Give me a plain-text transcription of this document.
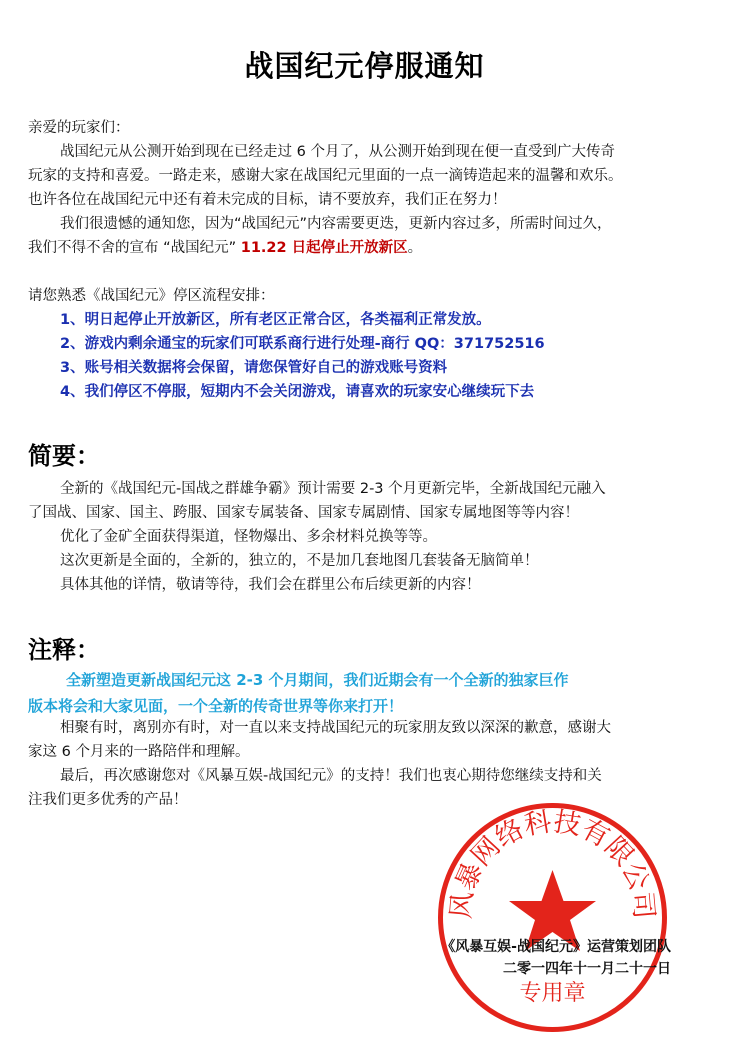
战国纪元停服通知
亲爱的玩家们：
战国纪元从公测开始到现在已经走过 6 个月了，从公测开始到现在便一直受到广大传奇
玩家的支持和喜爱。一路走来，感谢大家在战国纪元里面的一点一滴铸造起来的温馨和欢乐。
也许各位在战国纪元中还有着未完成的目标，请不要放弃，我们正在努力！
我们很遗憾的通知您，因为“战国纪元”内容需要更迭，更新内容过多，所需时间过久，
我们不得不舍的宣布 “战国纪元” 11.22 日起停止开放新区。
请您熟悉《战国纪元》停区流程安排：
1、明日起停止开放新区，所有老区正常合区，各类福利正常发放。
2、游戏内剩余通宝的玩家们可联系商行进行处理-商行 QQ：371752516
3、账号相关数据将会保留，请您保管好自己的游戏账号资料
4、我们停区不停服，短期内不会关闭游戏，请喜欢的玩家安心继续玩下去
简要：
全新的《战国纪元-国战之群雄争霸》预计需要 2-3 个月更新完毕，全新战国纪元融入
了国战、国家、国主、跨服、国家专属装备、国家专属剧情、国家专属地图等等内容！
优化了金矿全面获得渠道，怪物爆出、多余材料兑换等等。
这次更新是全面的，全新的，独立的，不是加几套地图几套装备无脑简单！
具体其他的详情，敬请等待，我们会在群里公布后续更新的内容！
注释：
全新塑造更新战国纪元这 2-3 个月期间，我们近期会有一个全新的独家巨作
版本将会和大家见面，一个全新的传奇世界等你来打开！
相聚有时，离别亦有时，对一直以来支持战国纪元的玩家朋友致以深深的歉意，感谢大
家这 6 个月来的一路陪伴和理解。
最后，再次感谢您对《风暴互娱-战国纪元》的支持！我们也衷心期待您继续支持和关
注我们更多优秀的产品！
风暴网络科技有限公司
专用章
《风暴互娱-战国纪元》运营策划团队
二零一四年十一月二十一日
